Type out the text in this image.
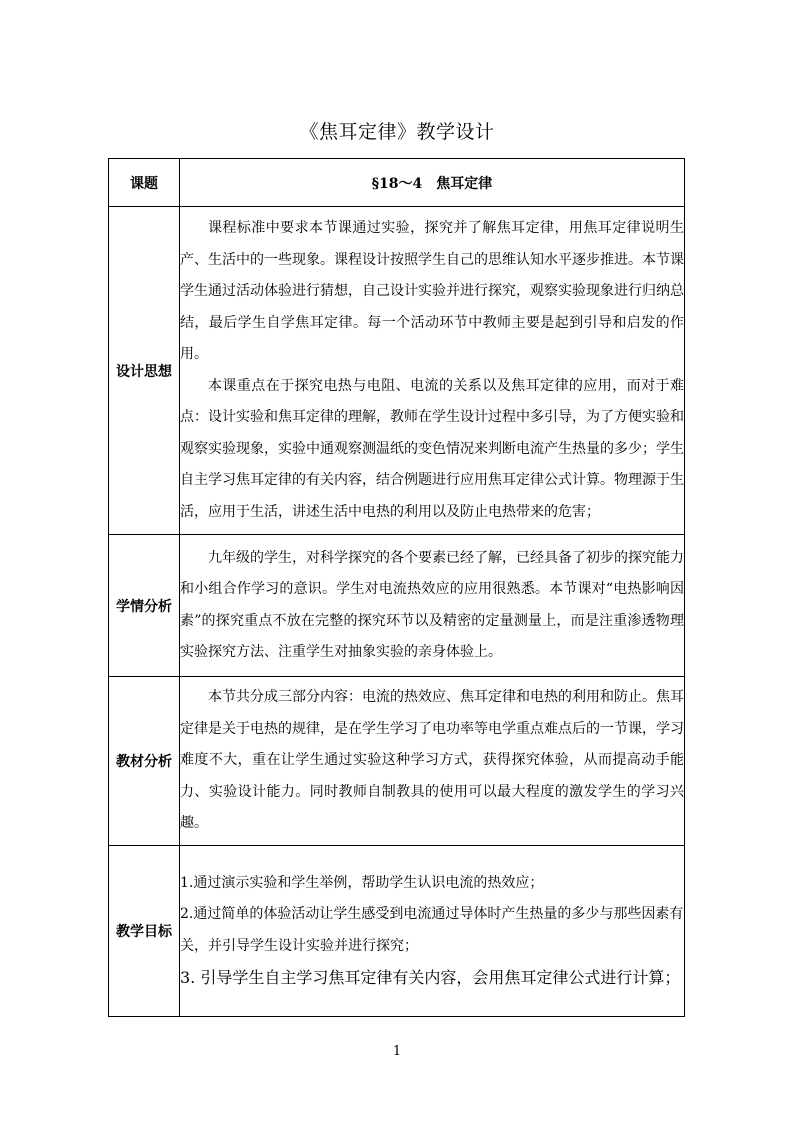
《焦耳定律》教学设计
课题	§18～4　焦耳定律
设计思想	课程标准中要求本节课通过实验，探究并了解焦耳定律，用焦耳定律说明生产、生活中的一些现象。课程设计按照学生自己的思维认知水平逐步推进。本节课学生通过活动体验进行猜想，自己设计实验并进行探究，观察实验现象进行归纳总结，最后学生自学焦耳定律。每一个活动环节中教师主要是起到引导和启发的作用。

本课重点在于探究电热与电阻、电流的关系以及焦耳定律的应用，而对于难点：设计实验和焦耳定律的理解，教师在学生设计过程中多引导，为了方便实验和观察实验现象，实验中通观察测温纸的变色情况来判断电流产生热量的多少；学生自主学习焦耳定律的有关内容，结合例题进行应用焦耳定律公式计算。物理源于生活，应用于生活，讲述生活中电热的利用以及防止电热带来的危害；

学情分析	九年级的学生，对科学探究的各个要素已经了解，已经具备了初步的探究能力和小组合作学习的意识。学生对电流热效应的应用很熟悉。本节课对“电热影响因素”的探究重点不放在完整的探究环节以及精密的定量测量上，而是注重渗透物理实验探究方法、注重学生对抽象实验的亲身体验上。

教材分析	本节共分成三部分内容：电流的热效应、焦耳定律和电热的利用和防止。焦耳定律是关于电热的规律，是在学生学习了电功率等电学重点难点后的一节课，学习难度不大，重在让学生通过实验这种学习方式，获得探究体验，从而提高动手能力、实验设计能力。同时教师自制教具的使用可以最大程度的激发学生的学习兴趣。

教学目标	1.通过演示实验和学生举例，帮助学生认识电流的热效应；

2.通过简单的体验活动让学生感受到电流通过导体时产生热量的多少与那些因素有关，并引导学生设计实验并进行探究；

3. 引导学生自主学习焦耳定律有关内容，会用焦耳定律公式进行计算；

1
